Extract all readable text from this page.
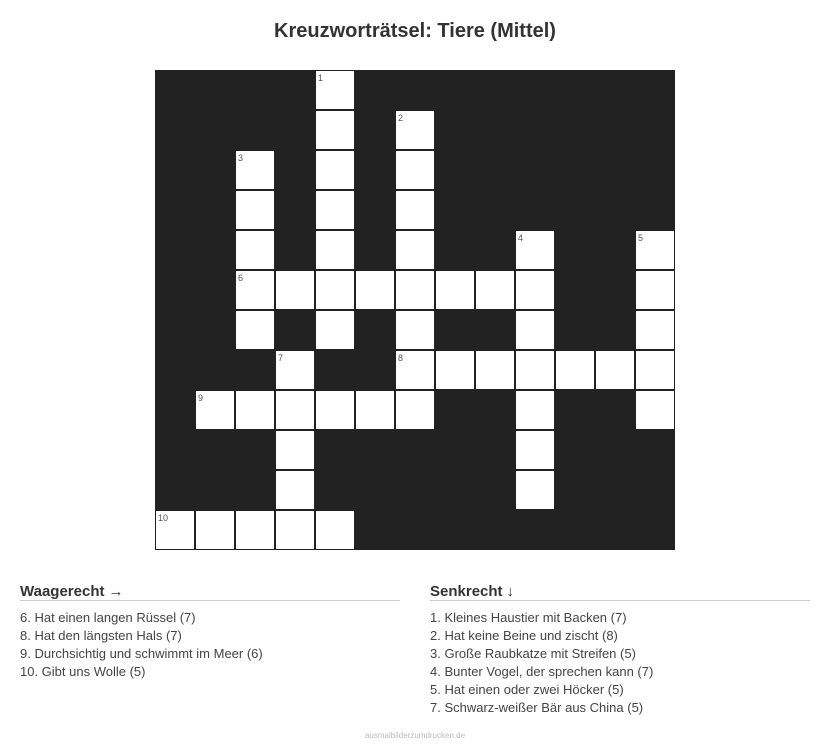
Kreuzworträtsel: Tiere (Mittel)
1
2
3
4	5
6
7	8
9
10
Waagerecht →
6. Hat einen langen Rüssel (7)
8. Hat den längsten Hals (7)
9. Durchsichtig und schwimmt im Meer (6)
10. Gibt uns Wolle (5)
Senkrecht ↓
1. Kleines Haustier mit Backen (7)
2. Hat keine Beine und zischt (8)
3. Große Raubkatze mit Streifen (5)
4. Bunter Vogel, der sprechen kann (7)
5. Hat einen oder zwei Höcker (5)
7. Schwarz-weißer Bär aus China (5)
ausmalbilderzumdrucken.de
